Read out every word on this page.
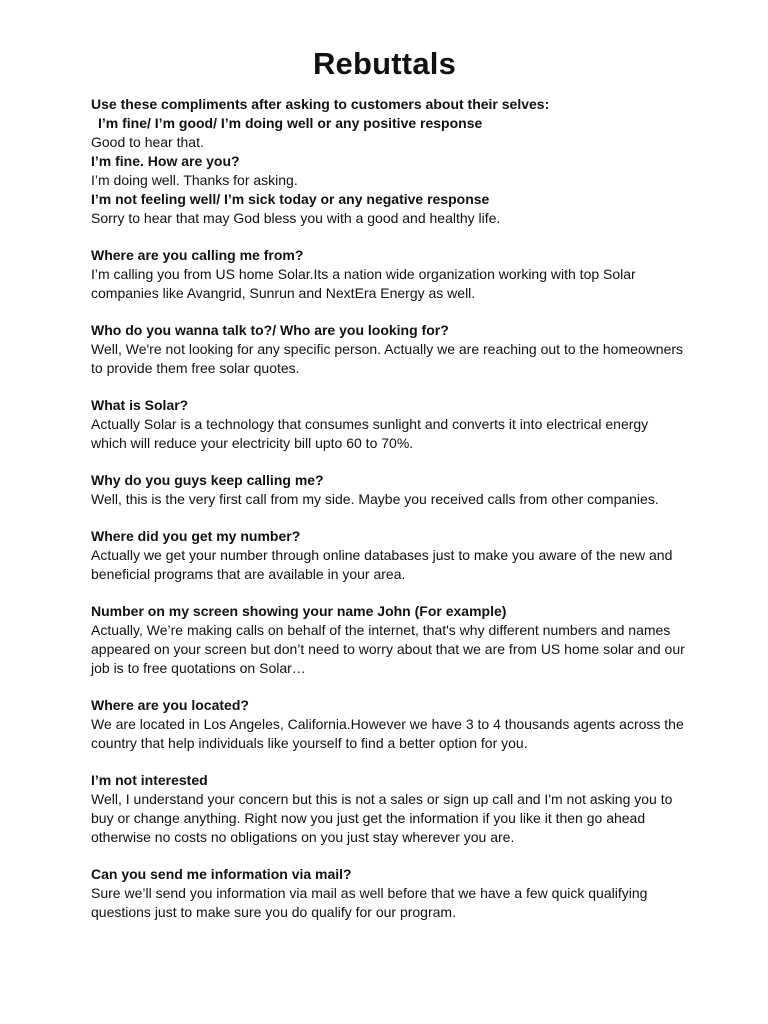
Rebuttals

Use these compliments after asking to customers about their selves:

I’m fine/ I’m good/ I’m doing well or any positive response

Good to hear that.

I’m fine. How are you?

I’m doing well. Thanks for asking.

I’m not feeling well/ I’m sick today or any negative response

Sorry to hear that may God bless you with a good and healthy life.

Where are you calling me from?

I’m calling you from US home Solar.Its a nation wide organization working with top Solar

companies like Avangrid, Sunrun and NextEra Energy as well.

Who do you wanna talk to?/ Who are you looking for?

Well, We're not looking for any specific person. Actually we are reaching out to the homeowners

to provide them free solar quotes.

What is Solar?

Actually Solar is a technology that consumes sunlight and converts it into electrical energy

which will reduce your electricity bill upto 60 to 70%.

Why do you guys keep calling me?

Well, this is the very first call from my side. Maybe you received calls from other companies.

Where did you get my number?

Actually we get your number through online databases just to make you aware of the new and

beneficial programs that are available in your area.

Number on my screen showing your name John (For example)

Actually, We’re making calls on behalf of the internet, that's why different numbers and names

appeared on your screen but don’t need to worry about that we are from US home solar and our

job is to free quotations on Solar…

Where are you located?

We are located in Los Angeles, California.However we have 3 to 4 thousands agents across the

country that help individuals like yourself to find a better option for you.

I’m not interested

Well, I understand your concern but this is not a sales or sign up call and I'm not asking you to

buy or change anything. Right now you just get the information if you like it then go ahead

otherwise no costs no obligations on you just stay wherever you are.

Can you send me information via mail?

Sure we’ll send you information via mail as well before that we have a few quick qualifying

questions just to make sure you do qualify for our program.
